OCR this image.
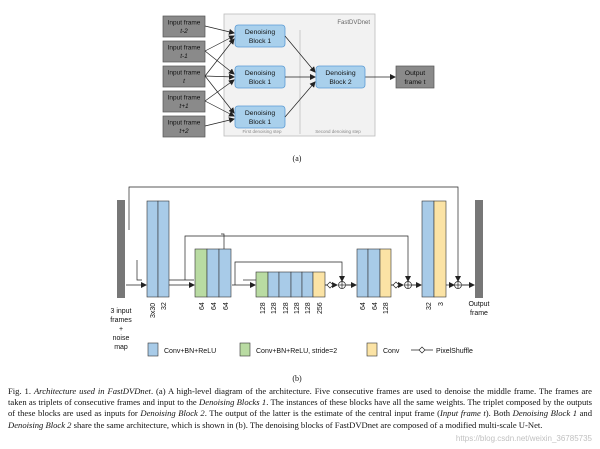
FastDVDnet
First denoising step	Second denoising step
Input frame
t-2
Input frame
t-1
Input frame
t
Input frame
t+1
Input frame
t+2
Denoising
Block 1
Denoising
Block 1
Denoising
Block 1
Denoising
Block 2
Output
frame t
(a)
3x30 32	64 64 64	128 128 128 128 128 256	64 64 128	32 3
3 input
frames
+
noise
map
Output
frame
Conv+BN+ReLU	Conv+BN+ReLU, stride=2	Conv	PixelShuffle
(b)
Fig. 1. Architecture used in FastDVDnet. (a) A high-level diagram of the architecture. Five consecutive frames are used to denoise the middle frame. The frames are taken as triplets of consecutive frames and input to the Denoising Blocks 1. The instances of these blocks have all the same weights. The triplet composed by the outputs of these blocks are used as inputs for Denoising Block 2. The output of the latter is the estimate of the central input frame (Input frame t). Both Denoising Block 1 and Denoising Block 2 share the same architecture, which is shown in (b). The denoising blocks of FastDVDnet are composed of a modified multi-scale U-Net.
https://blog.csdn.net/weixin_36785735
